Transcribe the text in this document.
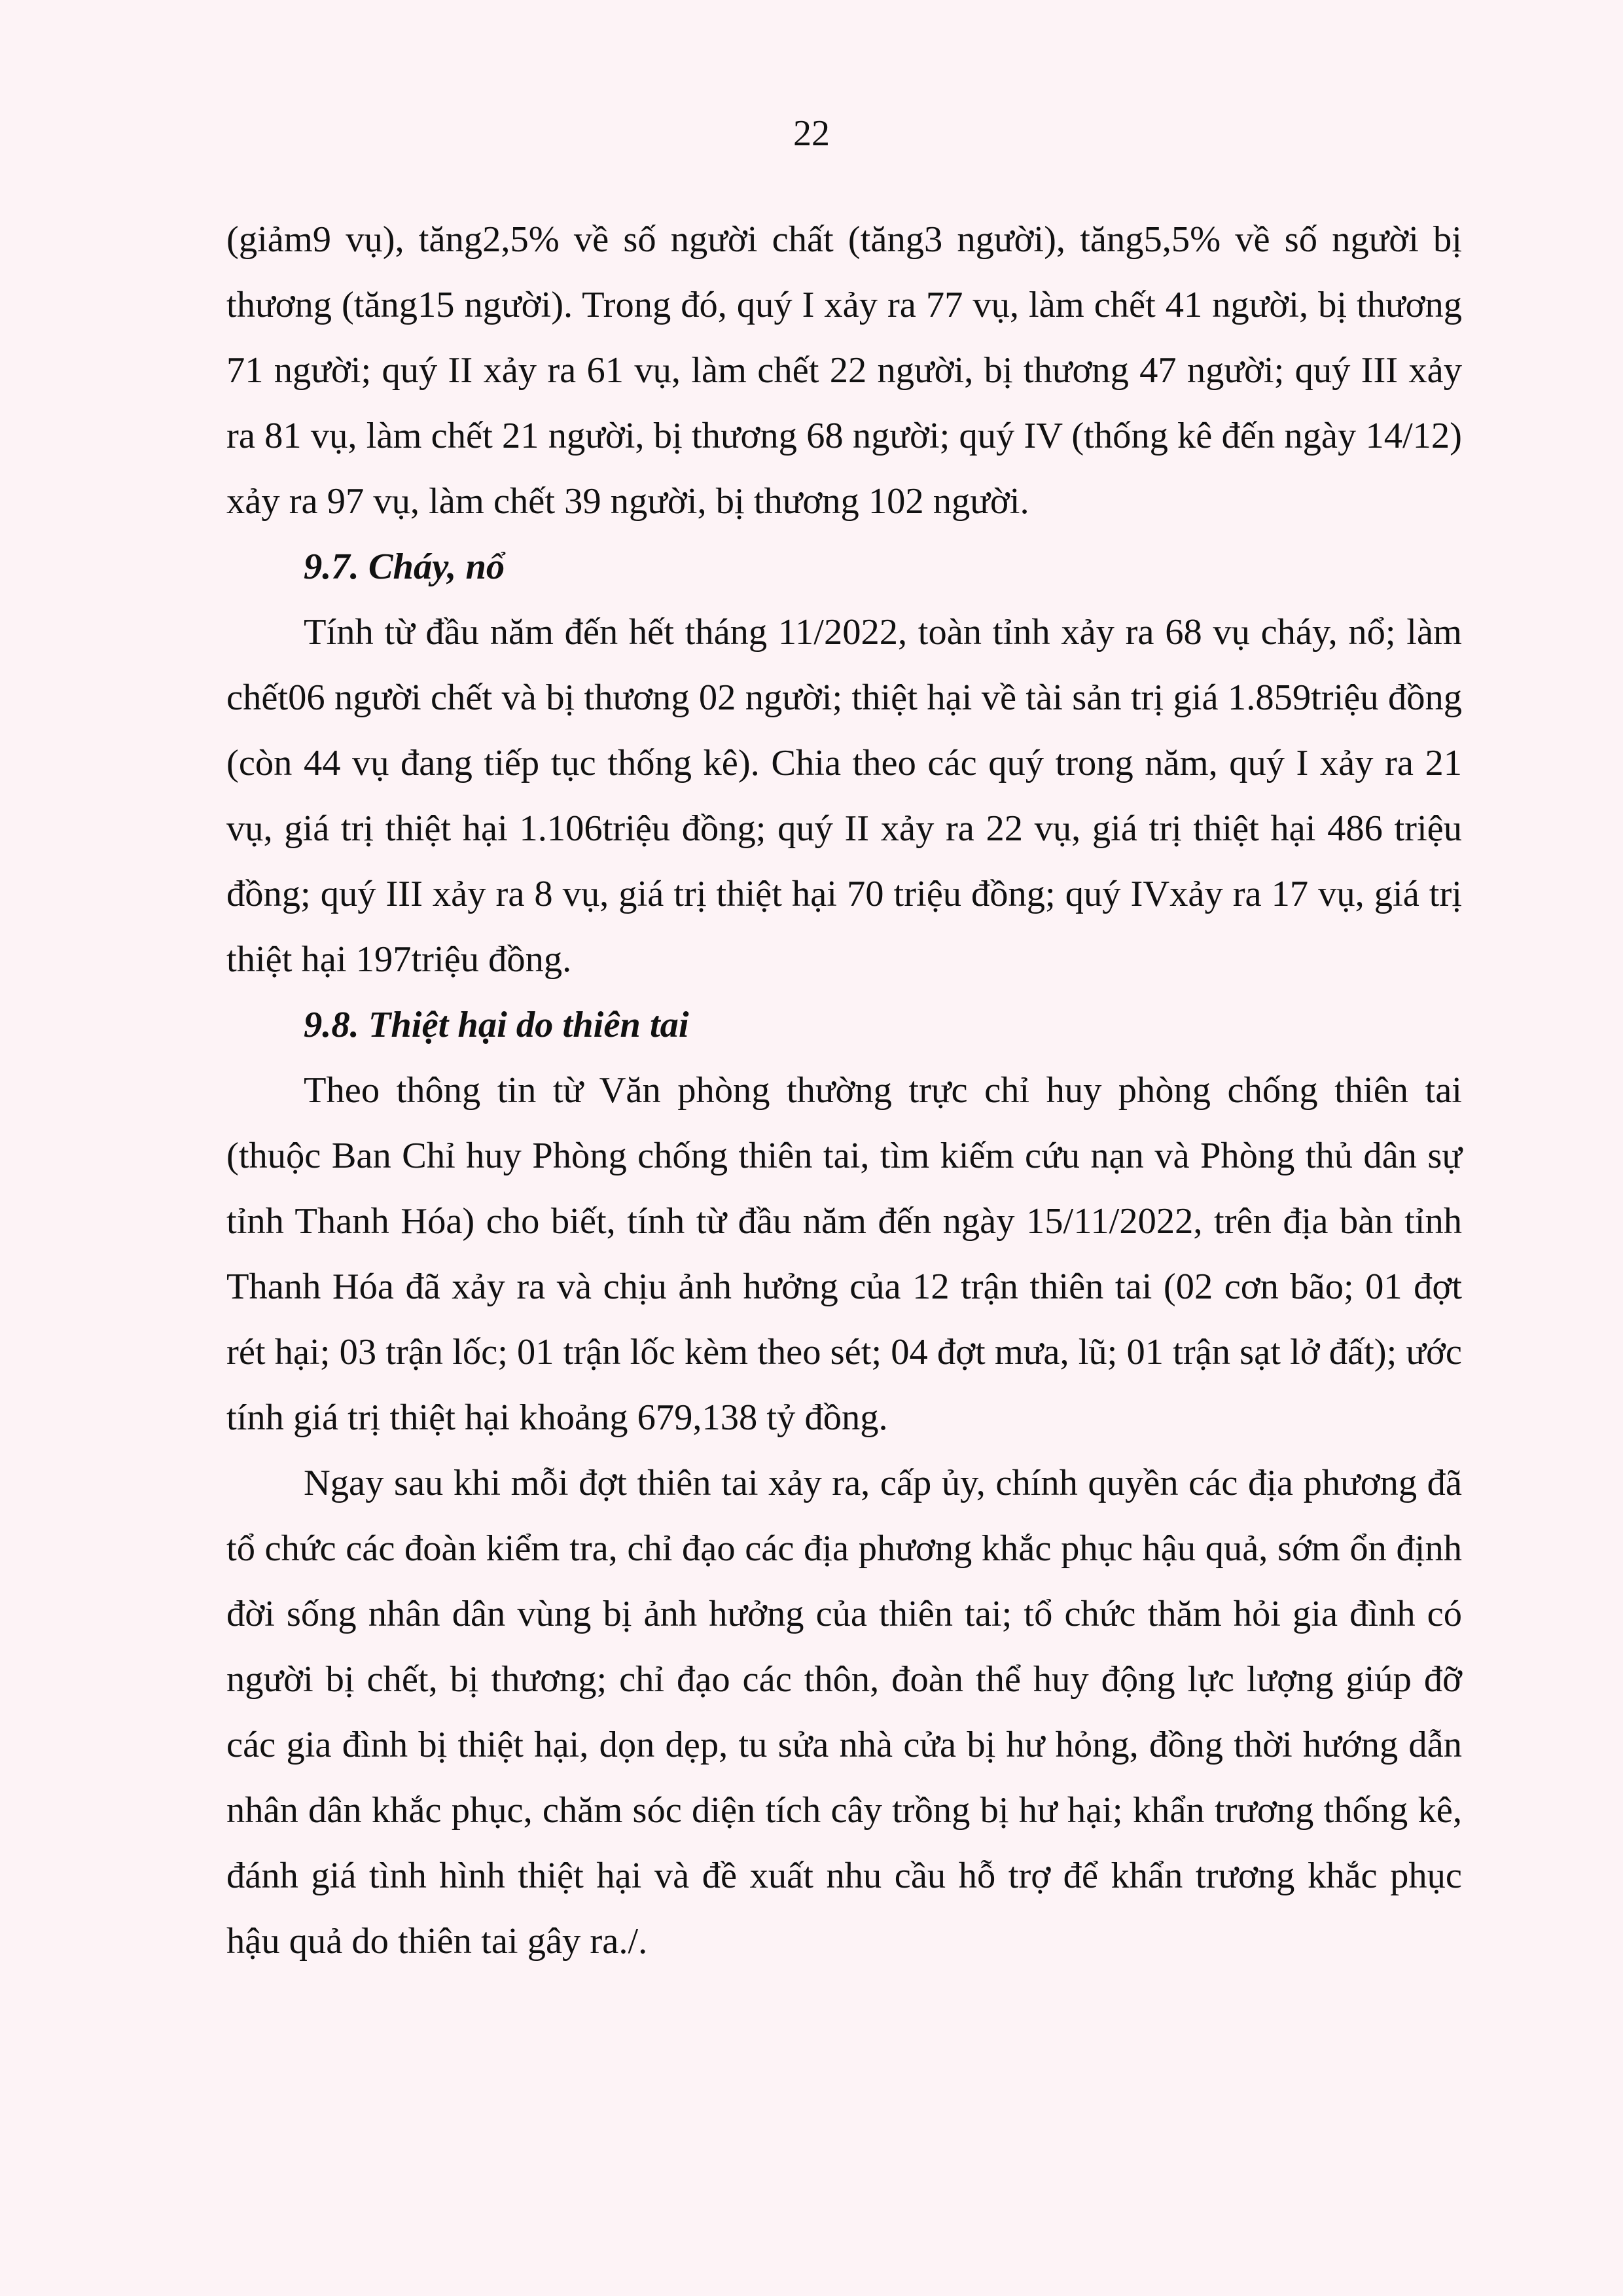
22

(giảm9 vụ), tăng2,5% về số người chất (tăng3 người), tăng5,5% về số người bị thương (tăng15 người). Trong đó, quý I xảy ra 77 vụ, làm chết 41 người, bị thương 71 người; quý II xảy ra 61 vụ, làm chết 22 người, bị thương 47 người; quý III xảy ra 81 vụ, làm chết 21 người, bị thương 68 người; quý IV (thống kê đến ngày 14/12) xảy ra 97 vụ, làm chết 39 người, bị thương 102 người.

9.7. Cháy, nổ

Tính từ đầu năm đến hết tháng 11/2022, toàn tỉnh xảy ra 68 vụ cháy, nổ; làm chết06 người chết và bị thương 02 người; thiệt hại về tài sản trị giá 1.859triệu đồng (còn 44 vụ đang tiếp tục thống kê). Chia theo các quý trong năm, quý I xảy ra 21 vụ, giá trị thiệt hại 1.106triệu đồng; quý II xảy ra 22 vụ, giá trị thiệt hại 486 triệu đồng; quý III xảy ra 8 vụ, giá trị thiệt hại 70 triệu đồng; quý IVxảy ra 17 vụ, giá trị thiệt hại 197triệu đồng.

9.8. Thiệt hại do thiên tai

Theo thông tin từ Văn phòng thường trực chỉ huy phòng chống thiên tai (thuộc Ban Chỉ huy Phòng chống thiên tai, tìm kiếm cứu nạn và Phòng thủ dân sự tỉnh Thanh Hóa) cho biết, tính từ đầu năm đến ngày 15/11/2022, trên địa bàn tỉnh Thanh Hóa đã xảy ra và chịu ảnh hưởng của 12 trận thiên tai (02 cơn bão; 01 đợt rét hại; 03 trận lốc; 01 trận lốc kèm theo sét; 04 đợt mưa, lũ; 01 trận sạt lở đất); ước tính giá trị thiệt hại khoảng 679,138 tỷ đồng.

Ngay sau khi mỗi đợt thiên tai xảy ra, cấp ủy, chính quyền các địa phương đã tổ chức các đoàn kiểm tra, chỉ đạo các địa phương khắc phục hậu quả, sớm ổn định đời sống nhân dân vùng bị ảnh hưởng của thiên tai; tổ chức thăm hỏi gia đình có người bị chết, bị thương; chỉ đạo các thôn, đoàn thể huy động lực lượng giúp đỡ các gia đình bị thiệt hại, dọn dẹp, tu sửa nhà cửa bị hư hỏng, đồng thời hướng dẫn nhân dân khắc phục, chăm sóc diện tích cây trồng bị hư hại; khẩn trương thống kê, đánh giá tình hình thiệt hại và đề xuất nhu cầu hỗ trợ để khẩn trương khắc phục hậu quả do thiên tai gây ra./.
